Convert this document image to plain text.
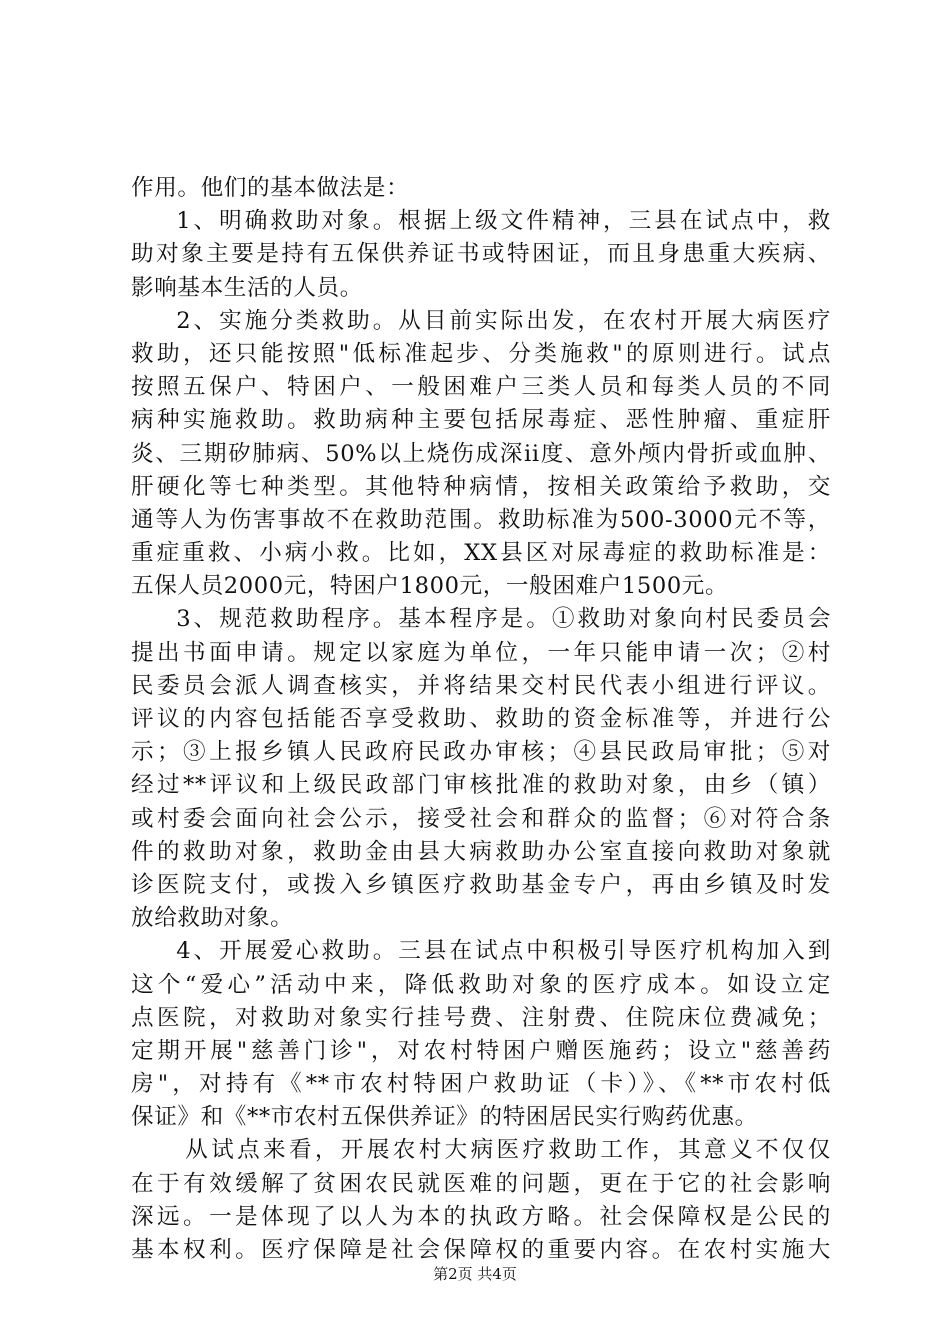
作用。他们的基本做法是：
1、明确救助对象。根据上级文件精神，三县在试点中，救
助对象主要是持有五保供养证书或特困证，而且身患重大疾病、
影响基本生活的人员。
2、实施分类救助。从目前实际出发，在农村开展大病医疗
救助，还只能按照"低标准起步、分类施救"的原则进行。试点
按照五保户、特困户、一般困难户三类人员和每类人员的不同
病种实施救助。救助病种主要包括尿毒症、恶性肿瘤、重症肝
炎、三期矽肺病、50%以上烧伤成深ii度、意外颅内骨折或血肿、
肝硬化等七种类型。其他特种病情，按相关政策给予救助，交
通等人为伤害事故不在救助范围。救助标准为500-3000元不等，
重症重救、小病小救。比如，XX县区对尿毒症的救助标准是：
五保人员2000元，特困户1800元，一般困难户1500元。
3、规范救助程序。基本程序是。①救助对象向村民委员会
提出书面申请。规定以家庭为单位，一年只能申请一次；②村
民委员会派人调查核实，并将结果交村民代表小组进行评议。
评议的内容包括能否享受救助、救助的资金标准等，并进行公
示；③上报乡镇人民政府民政办审核；④县民政局审批；⑤对
经过**评议和上级民政部门审核批准的救助对象，由乡（镇）
或村委会面向社会公示，接受社会和群众的监督；⑥对符合条
件的救助对象，救助金由县大病救助办公室直接向救助对象就
诊医院支付，或拨入乡镇医疗救助基金专户，再由乡镇及时发
放给救助对象。
4、开展爱心救助。三县在试点中积极引导医疗机构加入到
这个“爱心”活动中来，降低救助对象的医疗成本。如设立定
点医院，对救助对象实行挂号费、注射费、住院床位费减免；
定期开展"慈善门诊"，对农村特困户赠医施药；设立"慈善药
房"，对持有《**市农村特困户救助证（卡）》、《**市农村低
保证》和《**市农村五保供养证》的特困居民实行购药优惠。
从试点来看，开展农村大病医疗救助工作，其意义不仅仅
在于有效缓解了贫困农民就医难的问题，更在于它的社会影响
深远。一是体现了以人为本的执政方略。社会保障权是公民的
基本权利。医疗保障是社会保障权的重要内容。在农村实施大
第2页 共4页
